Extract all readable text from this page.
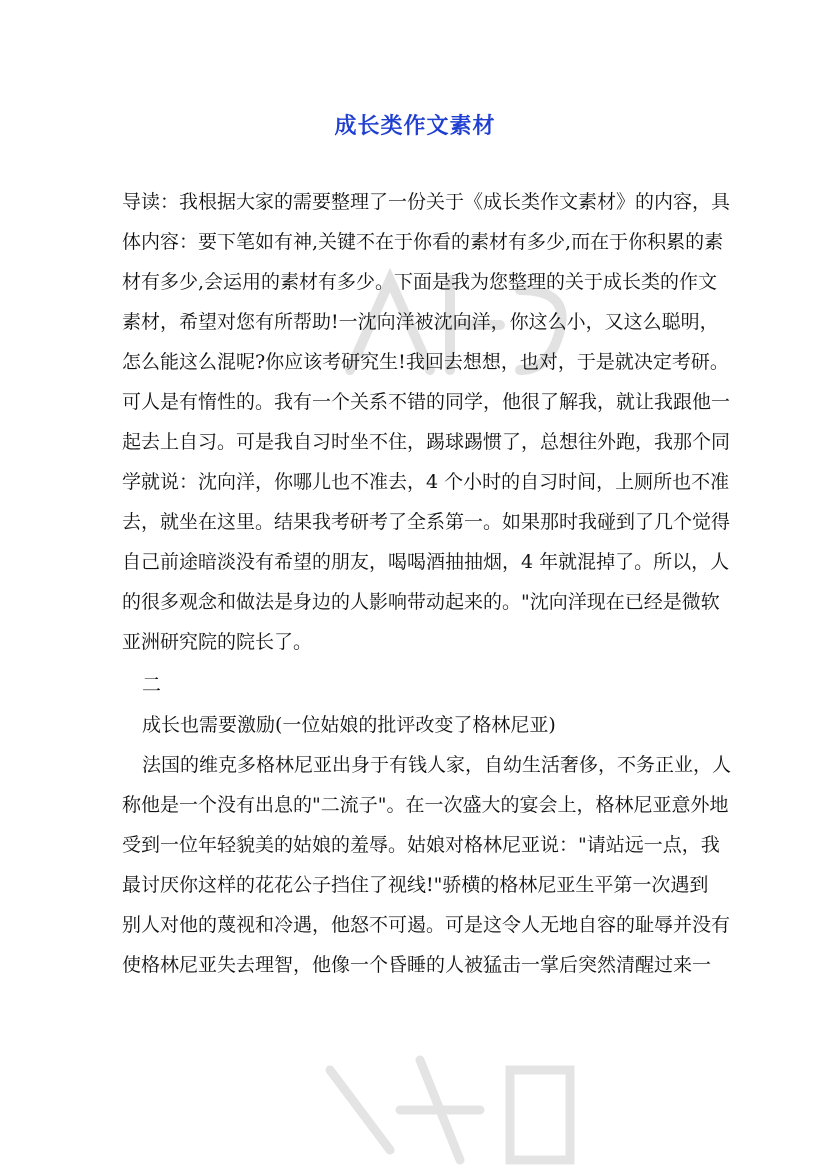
成长类作文素材

导读：我根据大家的需要整理了一份关于《成长类作文素材》的内容，具

体内容：要下笔如有神,关键不在于你看的素材有多少,而在于你积累的素

材有多少,会运用的素材有多少。下面是我为您整理的关于成长类的作文

素材，希望对您有所帮助!一沈向洋被沈向洋，你这么小，又这么聪明，

怎么能这么混呢?你应该考研究生!我回去想想，也对，于是就决定考研。

可人是有惰性的。我有一个关系不错的同学，他很了解我，就让我跟他一

起去上自习。可是我自习时坐不住，踢球踢惯了，总想往外跑，我那个同

学就说：沈向洋，你哪儿也不准去，4 个小时的自习时间，上厕所也不准

去，就坐在这里。结果我考研考了全系第一。如果那时我碰到了几个觉得

自己前途暗淡没有希望的朋友，喝喝酒抽抽烟，4 年就混掉了。所以，人

的很多观念和做法是身边的人影响带动起来的。"沈向洋现在已经是微软

亚洲研究院的院长了。

二

成长也需要激励(一位姑娘的批评改变了格林尼亚)

法国的维克多格林尼亚出身于有钱人家，自幼生活奢侈，不务正业，人

称他是一个没有出息的"二流子"。在一次盛大的宴会上，格林尼亚意外地

受到一位年轻貌美的姑娘的羞辱。姑娘对格林尼亚说："请站远一点，我

最讨厌你这样的花花公子挡住了视线!"骄横的格林尼亚生平第一次遇到

别人对他的蔑视和冷遇，他怒不可遏。可是这令人无地自容的耻辱并没有

使格林尼亚失去理智，他像一个昏睡的人被猛击一掌后突然清醒过来一
